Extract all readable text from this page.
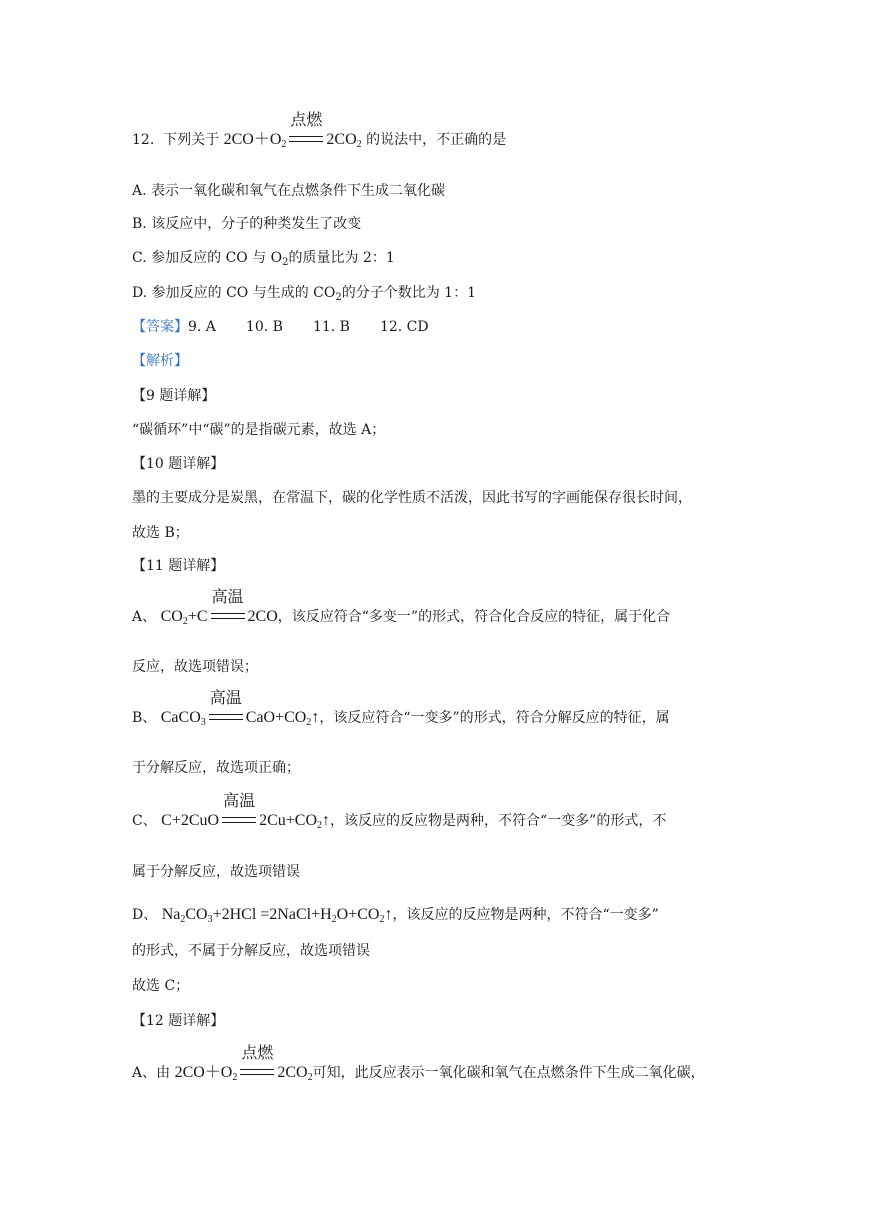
12. 下列关于 $2CO+O_2$
点燃
$2CO_2$ 的说法中，不正确的是
A. 表示一氧化碳和氧气在点燃条件下生成二氧化碳
B. 该反应中，分子的种类发生了改变
C. 参加反应的 CO 与 $O_2$的质量比为 2：1
D. 参加反应的 CO 与生成的 $CO_2$的分子个数比为 1：1
【答案】9. A 10. B 11. B 12. CD
【解析】
【9 题详解】
“碳循环”中“碳”的是指碳元素，故选 A；
【10 题详解】
墨的主要成分是炭黑，在常温下，碳的化学性质不活泼，因此书写的字画能保存很长时间，
故选 B；
【11 题详解】
A、 $CO_2+C$
高温
2CO，该反应符合“多变一”的形式，符合化合反应的特征，属于化合
反应，故选项错误；
B、 CaCO$_3$
高温
$CaO+CO_2↑$，该反应符合“一变多”的形式，符合分解反应的特征，属
于分解反应，故选项正确；
C、 C+2CuO
高温
$2Cu+CO_2↑$，该反应的反应物是两种，不符合“一变多”的形式，不
属于分解反应，故选项错误
D、 $Na_2CO_3+2HCl$ $=2NaCl+H_2O+CO_2↑$，该反应的反应物是两种，不符合“一变多”
的形式，不属于分解反应，故选项错误
故选 C；
【12 题详解】
A、由 $2CO+O_2$
点燃
$2CO_2$可知，此反应表示一氧化碳和氧气在点燃条件下生成二氧化碳，
